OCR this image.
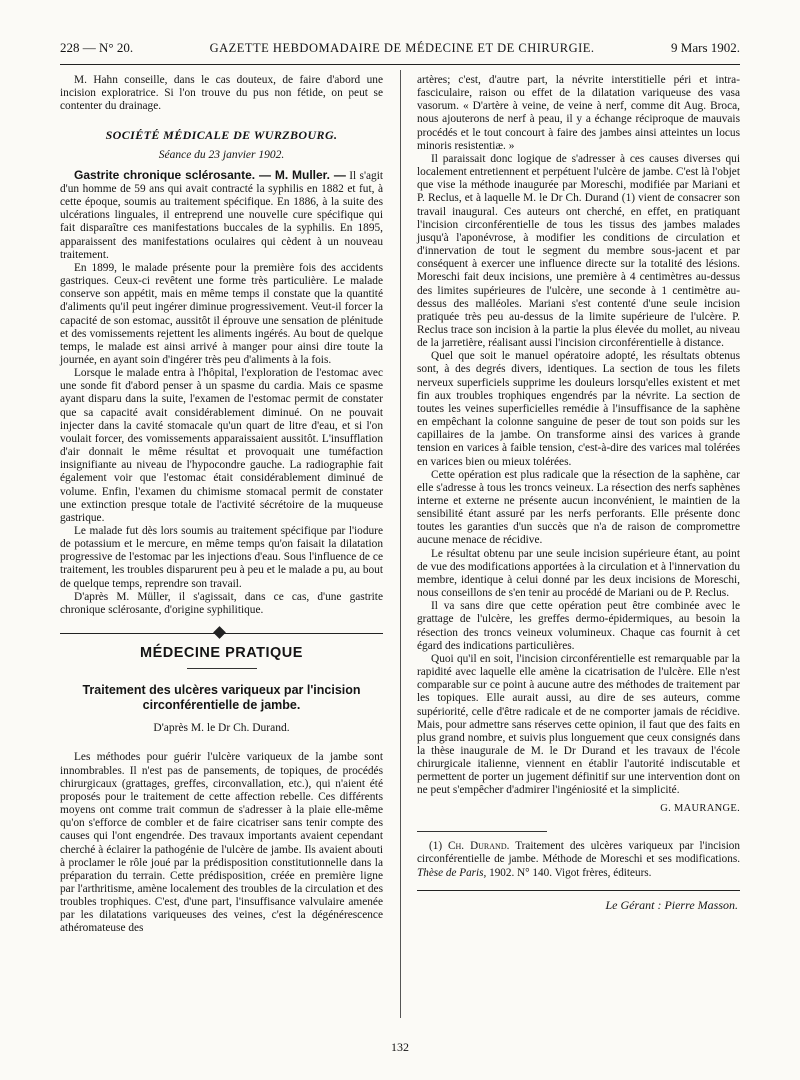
228 — N° 20.	GAZETTE HEBDOMADAIRE DE MÉDECINE ET DE CHIRURGIE.	9 Mars 1902.

M. Hahn conseille, dans le cas douteux, de faire d'abord une incision exploratrice. Si l'on trouve du pus non fétide, on peut se contenter du drainage.

SOCIÉTÉ MÉDICALE DE WURZBOURG.
Séance du 23 janvier 1902.

Gastrite chronique sclérosante. — M. Muller. — Il s'agit d'un homme de 59 ans qui avait contracté la syphilis en 1882 et fut, à cette époque, soumis au traitement spécifique. En 1886, à la suite des ulcérations linguales, il entreprend une nouvelle cure spécifique qui fait disparaître ces manifestations buccales de la syphilis. En 1895, apparaissent des manifestations oculaires qui cèdent à un nouveau traitement.

En 1899, le malade présente pour la première fois des accidents gastriques. Ceux-ci revêtent une forme très particulière. Le malade conserve son appétit, mais en même temps il constate que la quantité d'aliments qu'il peut ingérer diminue progressivement. Veut-il forcer la capacité de son estomac, aussitôt il éprouve une sensation de plénitude et des vomissements rejettent les aliments ingérés. Au bout de quelque temps, le malade est ainsi arrivé à manger pour ainsi dire toute la journée, en ayant soin d'ingérer très peu d'aliments à la fois.

Lorsque le malade entra à l'hôpital, l'exploration de l'estomac avec une sonde fit d'abord penser à un spasme du cardia. Mais ce spasme ayant disparu dans la suite, l'examen de l'estomac permit de constater que sa capacité avait considérablement diminué. On ne pouvait injecter dans la cavité stomacale qu'un quart de litre d'eau, et si l'on voulait forcer, des vomissements apparaissaient aussitôt. L'insufflation d'air donnait le même résultat et provoquait une tuméfaction insignifiante au niveau de l'hypocondre gauche. La radiographie fait également voir que l'estomac était considérablement diminué de volume. Enfin, l'examen du chimisme stomacal permit de constater une extinction presque totale de l'activité sécrétoire de la muqueuse gastrique.

Le malade fut dès lors soumis au traitement spécifique par l'iodure de potassium et le mercure, en même temps qu'on faisait la dilatation progressive de l'estomac par les injections d'eau. Sous l'influence de ce traitement, les troubles disparurent peu à peu et le malade a pu, au bout de quelque temps, reprendre son travail.

D'après M. Müller, il s'agissait, dans ce cas, d'une gastrite chronique sclérosante, d'origine syphilitique.

MÉDECINE PRATIQUE
Traitement des ulcères variqueux par l'incision circonférentielle de jambe.
D'après M. le Dr Ch. Durand.

Les méthodes pour guérir l'ulcère variqueux de la jambe sont innombrables. Il n'est pas de pansements, de topiques, de procédés chirurgicaux (grattages, greffes, circonvallation, etc.), qui n'aient été proposés pour le traitement de cette affection rebelle. Ces différents moyens ont comme trait commun de s'adresser à la plaie elle-même qu'on s'efforce de combler et de faire cicatriser sans tenir compte des causes qui l'ont engendrée. Des travaux importants avaient cependant cherché à éclairer la pathogénie de l'ulcère de jambe. Ils avaient abouti à proclamer le rôle joué par la prédisposition constitutionnelle dans la préparation du terrain. Cette prédisposition, créée en première ligne par l'arthritisme, amène localement des troubles de la circulation et des troubles trophiques. C'est, d'une part, l'insuffisance valvulaire amenée par les dilatations variqueuses des veines, c'est la dégénérescence athéromateuse des

artères; c'est, d'autre part, la névrite interstitielle péri et intra-fasciculaire, raison ou effet de la dilatation variqueuse des vasa vasorum. « D'artère à veine, de veine à nerf, comme dit Aug. Broca, nous ajouterons de nerf à peau, il y a échange réciproque de mauvais procédés et le tout concourt à faire des jambes ainsi atteintes un locus minoris resistentiæ. »

Il paraissait donc logique de s'adresser à ces causes diverses qui localement entretiennent et perpétuent l'ulcère de jambe. C'est là l'objet que vise la méthode inaugurée par Moreschi, modifiée par Mariani et P. Reclus, et à laquelle M. le Dr Ch. Durand (1) vient de consacrer son travail inaugural. Ces auteurs ont cherché, en effet, en pratiquant l'incision circonférentielle de tous les tissus des jambes malades jusqu'à l'aponévrose, à modifier les conditions de circulation et d'innervation de tout le segment du membre sous-jacent et par conséquent à exercer une influence directe sur la totalité des lésions. Moreschi fait deux incisions, une première à 4 centimètres au-dessus des limites supérieures de l'ulcère, une seconde à 1 centimètre au-dessus des malléoles. Mariani s'est contenté d'une seule incision pratiquée très peu au-dessus de la limite supérieure de l'ulcère. P. Reclus trace son incision à la partie la plus élevée du mollet, au niveau de la jarretière, réalisant aussi l'incision circonférentielle à distance.

Quel que soit le manuel opératoire adopté, les résultats obtenus sont, à des degrés divers, identiques. La section de tous les filets nerveux superficiels supprime les douleurs lorsqu'elles existent et met fin aux troubles trophiques engendrés par la névrite. La section de toutes les veines superficielles remédie à l'insuffisance de la saphène en empêchant la colonne sanguine de peser de tout son poids sur les capillaires de la jambe. On transforme ainsi des varices à grande tension en varices à faible tension, c'est-à-dire des varices mal tolérées en varices bien ou mieux tolérées.

Cette opération est plus radicale que la résection de la saphène, car elle s'adresse à tous les troncs veineux. La résection des nerfs saphènes interne et externe ne présente aucun inconvénient, le maintien de la sensibilité étant assuré par les nerfs perforants. Elle présente donc toutes les garanties d'un succès que n'a de raison de compromettre aucune menace de récidive.

Le résultat obtenu par une seule incision supérieure étant, au point de vue des modifications apportées à la circulation et à l'innervation du membre, identique à celui donné par les deux incisions de Moreschi, nous conseillons de s'en tenir au procédé de Mariani ou de P. Reclus.

Il va sans dire que cette opération peut être combinée avec le grattage de l'ulcère, les greffes dermo-épidermiques, au besoin la résection des troncs veineux volumineux. Chaque cas fournit à cet égard des indications particulières.

Quoi qu'il en soit, l'incision circonférentielle est remarquable par la rapidité avec laquelle elle amène la cicatrisation de l'ulcère. Elle n'est comparable sur ce point à aucune autre des méthodes de traitement par les topiques. Elle aurait aussi, au dire de ses auteurs, comme supériorité, celle d'être radicale et de ne comporter jamais de récidive. Mais, pour admettre sans réserves cette opinion, il faut que des faits en plus grand nombre, et suivis plus longuement que ceux consignés dans la thèse inaugurale de M. le Dr Durand et les travaux de l'école chirurgicale italienne, viennent en établir l'autorité indiscutable et permettent de porter un jugement définitif sur une intervention dont on ne peut s'empêcher d'admirer l'ingéniosité et la simplicité.

G. MAURANGE.

(1) Ch. Durand. Traitement des ulcères variqueux par l'incision circonférentielle de jambe. Méthode de Moreschi et ses modifications. Thèse de Paris, 1902. N° 140. Vigot frères, éditeurs.

Le Gérant : Pierre Masson.
132
